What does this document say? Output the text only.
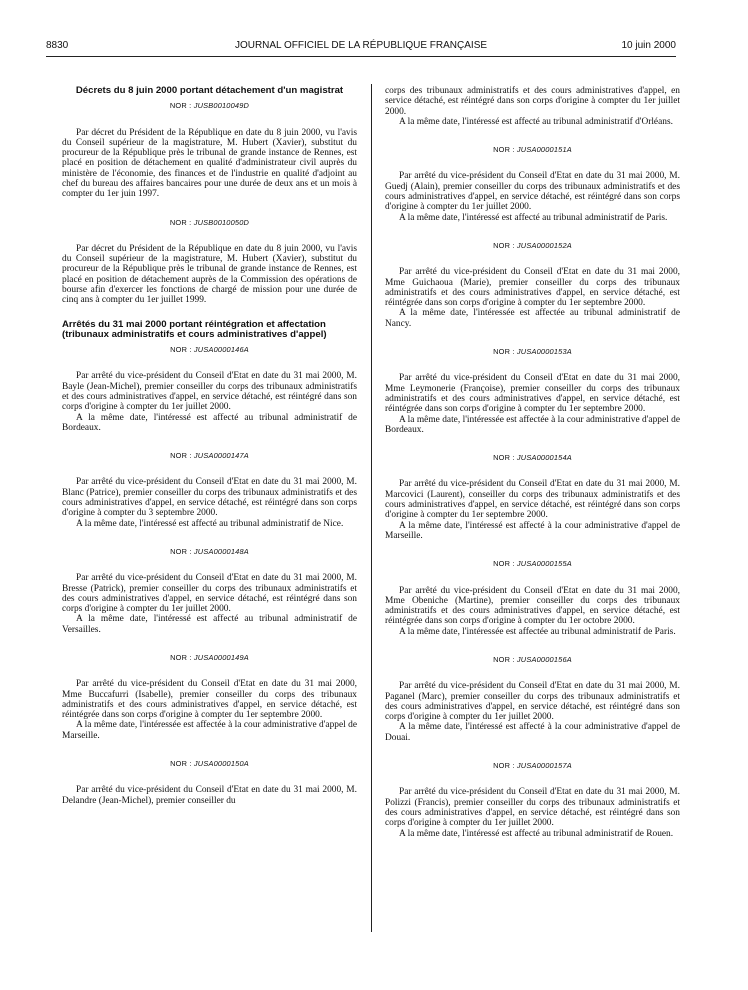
8830	JOURNAL OFFICIEL DE LA RÉPUBLIQUE FRANÇAISE	10 juin 2000
Décrets du 8 juin 2000 portant détachement d'un magistrat
NOR : JUSB0010049D

Par décret du Président de la République en date du 8 juin 2000, vu l'avis du Conseil supérieur de la magistrature, M. Hubert (Xavier), substitut du procureur de la République près le tribunal de grande instance de Rennes, est placé en position de détachement en qualité d'administrateur civil auprès du ministère de l'économie, des finances et de l'industrie en qualité d'adjoint au chef du bureau des affaires bancaires pour une durée de deux ans et un mois à compter du 1er juin 1997.

NOR : JUSB0010050D

Par décret du Président de la République en date du 8 juin 2000, vu l'avis du Conseil supérieur de la magistrature, M. Hubert (Xavier), substitut du procureur de la République près le tribunal de grande instance de Rennes, est placé en position de détachement auprès de la Commission des opérations de bourse afin d'exercer les fonctions de chargé de mission pour une durée de cinq ans à compter du 1er juillet 1999.

Arrêtés du 31 mai 2000 portant réintégration et affectation (tribunaux administratifs et cours administratives d'appel)
NOR : JUSA0000146A

Par arrêté du vice-président du Conseil d'Etat en date du 31 mai 2000, M. Bayle (Jean-Michel), premier conseiller du corps des tribunaux administratifs et des cours administratives d'appel, en service détaché, est réintégré dans son corps d'origine à compter du 1er juillet 2000.

A la même date, l'intéressé est affecté au tribunal administratif de Bordeaux.

NOR : JUSA0000147A

Par arrêté du vice-président du Conseil d'Etat en date du 31 mai 2000, M. Blanc (Patrice), premier conseiller du corps des tribunaux administratifs et des cours administratives d'appel, en service détaché, est réintégré dans son corps d'origine à compter du 3 septembre 2000.

A la même date, l'intéressé est affecté au tribunal administratif de Nice.

NOR : JUSA0000148A

Par arrêté du vice-président du Conseil d'Etat en date du 31 mai 2000, M. Bresse (Patrick), premier conseiller du corps des tribunaux administratifs et des cours administratives d'appel, en service détaché, est réintégré dans son corps d'origine à compter du 1er juillet 2000.

A la même date, l'intéressé est affecté au tribunal administratif de Versailles.

NOR : JUSA0000149A

Par arrêté du vice-président du Conseil d'Etat en date du 31 mai 2000, Mme Buccafurri (Isabelle), premier conseiller du corps des tribunaux administratifs et des cours administratives d'appel, en service détaché, est réintégrée dans son corps d'origine à compter du 1er septembre 2000.

A la même date, l'intéressée est affectée à la cour administrative d'appel de Marseille.

NOR : JUSA0000150A

Par arrêté du vice-président du Conseil d'Etat en date du 31 mai 2000, M. Delandre (Jean-Michel), premier conseiller du

corps des tribunaux administratifs et des cours administratives d'appel, en service détaché, est réintégré dans son corps d'origine à compter du 1er juillet 2000.

A la même date, l'intéressé est affecté au tribunal administratif d'Orléans.

NOR : JUSA0000151A

Par arrêté du vice-président du Conseil d'Etat en date du 31 mai 2000, M. Guedj (Alain), premier conseiller du corps des tribunaux administratifs et des cours administratives d'appel, en service détaché, est réintégré dans son corps d'origine à compter du 1er juillet 2000.

A la même date, l'intéressé est affecté au tribunal administratif de Paris.

NOR : JUSA0000152A

Par arrêté du vice-président du Conseil d'Etat en date du 31 mai 2000, Mme Guichaoua (Marie), premier conseiller du corps des tribunaux administratifs et des cours administratives d'appel, en service détaché, est réintégrée dans son corps d'origine à compter du 1er septembre 2000.

A la même date, l'intéressée est affectée au tribunal administratif de Nancy.

NOR : JUSA0000153A

Par arrêté du vice-président du Conseil d'Etat en date du 31 mai 2000, Mme Leymonerie (Françoise), premier conseiller du corps des tribunaux administratifs et des cours administratives d'appel, en service détaché, est réintégrée dans son corps d'origine à compter du 1er septembre 2000.

A la même date, l'intéressée est affectée à la cour administrative d'appel de Bordeaux.

NOR : JUSA0000154A

Par arrêté du vice-président du Conseil d'Etat en date du 31 mai 2000, M. Marcovici (Laurent), conseiller du corps des tribunaux administratifs et des cours administratives d'appel, en service détaché, est réintégré dans son corps d'origine à compter du 1er septembre 2000.

A la même date, l'intéressé est affecté à la cour administrative d'appel de Marseille.

NOR : JUSA0000155A

Par arrêté du vice-président du Conseil d'Etat en date du 31 mai 2000, Mme Obeniche (Martine), premier conseiller du corps des tribunaux administratifs et des cours administratives d'appel, en service détaché, est réintégrée dans son corps d'origine à compter du 1er octobre 2000.

A la même date, l'intéressée est affectée au tribunal administratif de Paris.

NOR : JUSA0000156A

Par arrêté du vice-président du Conseil d'Etat en date du 31 mai 2000, M. Paganel (Marc), premier conseiller du corps des tribunaux administratifs et des cours administratives d'appel, en service détaché, est réintégré dans son corps d'origine à compter du 1er juillet 2000.

A la même date, l'intéressé est affecté à la cour administrative d'appel de Douai.

NOR : JUSA0000157A

Par arrêté du vice-président du Conseil d'Etat en date du 31 mai 2000, M. Polizzi (Francis), premier conseiller du corps des tribunaux administratifs et des cours administratives d'appel, en service détaché, est réintégré dans son corps d'origine à compter du 1er juillet 2000.

A la même date, l'intéressé est affecté au tribunal administratif de Rouen.
